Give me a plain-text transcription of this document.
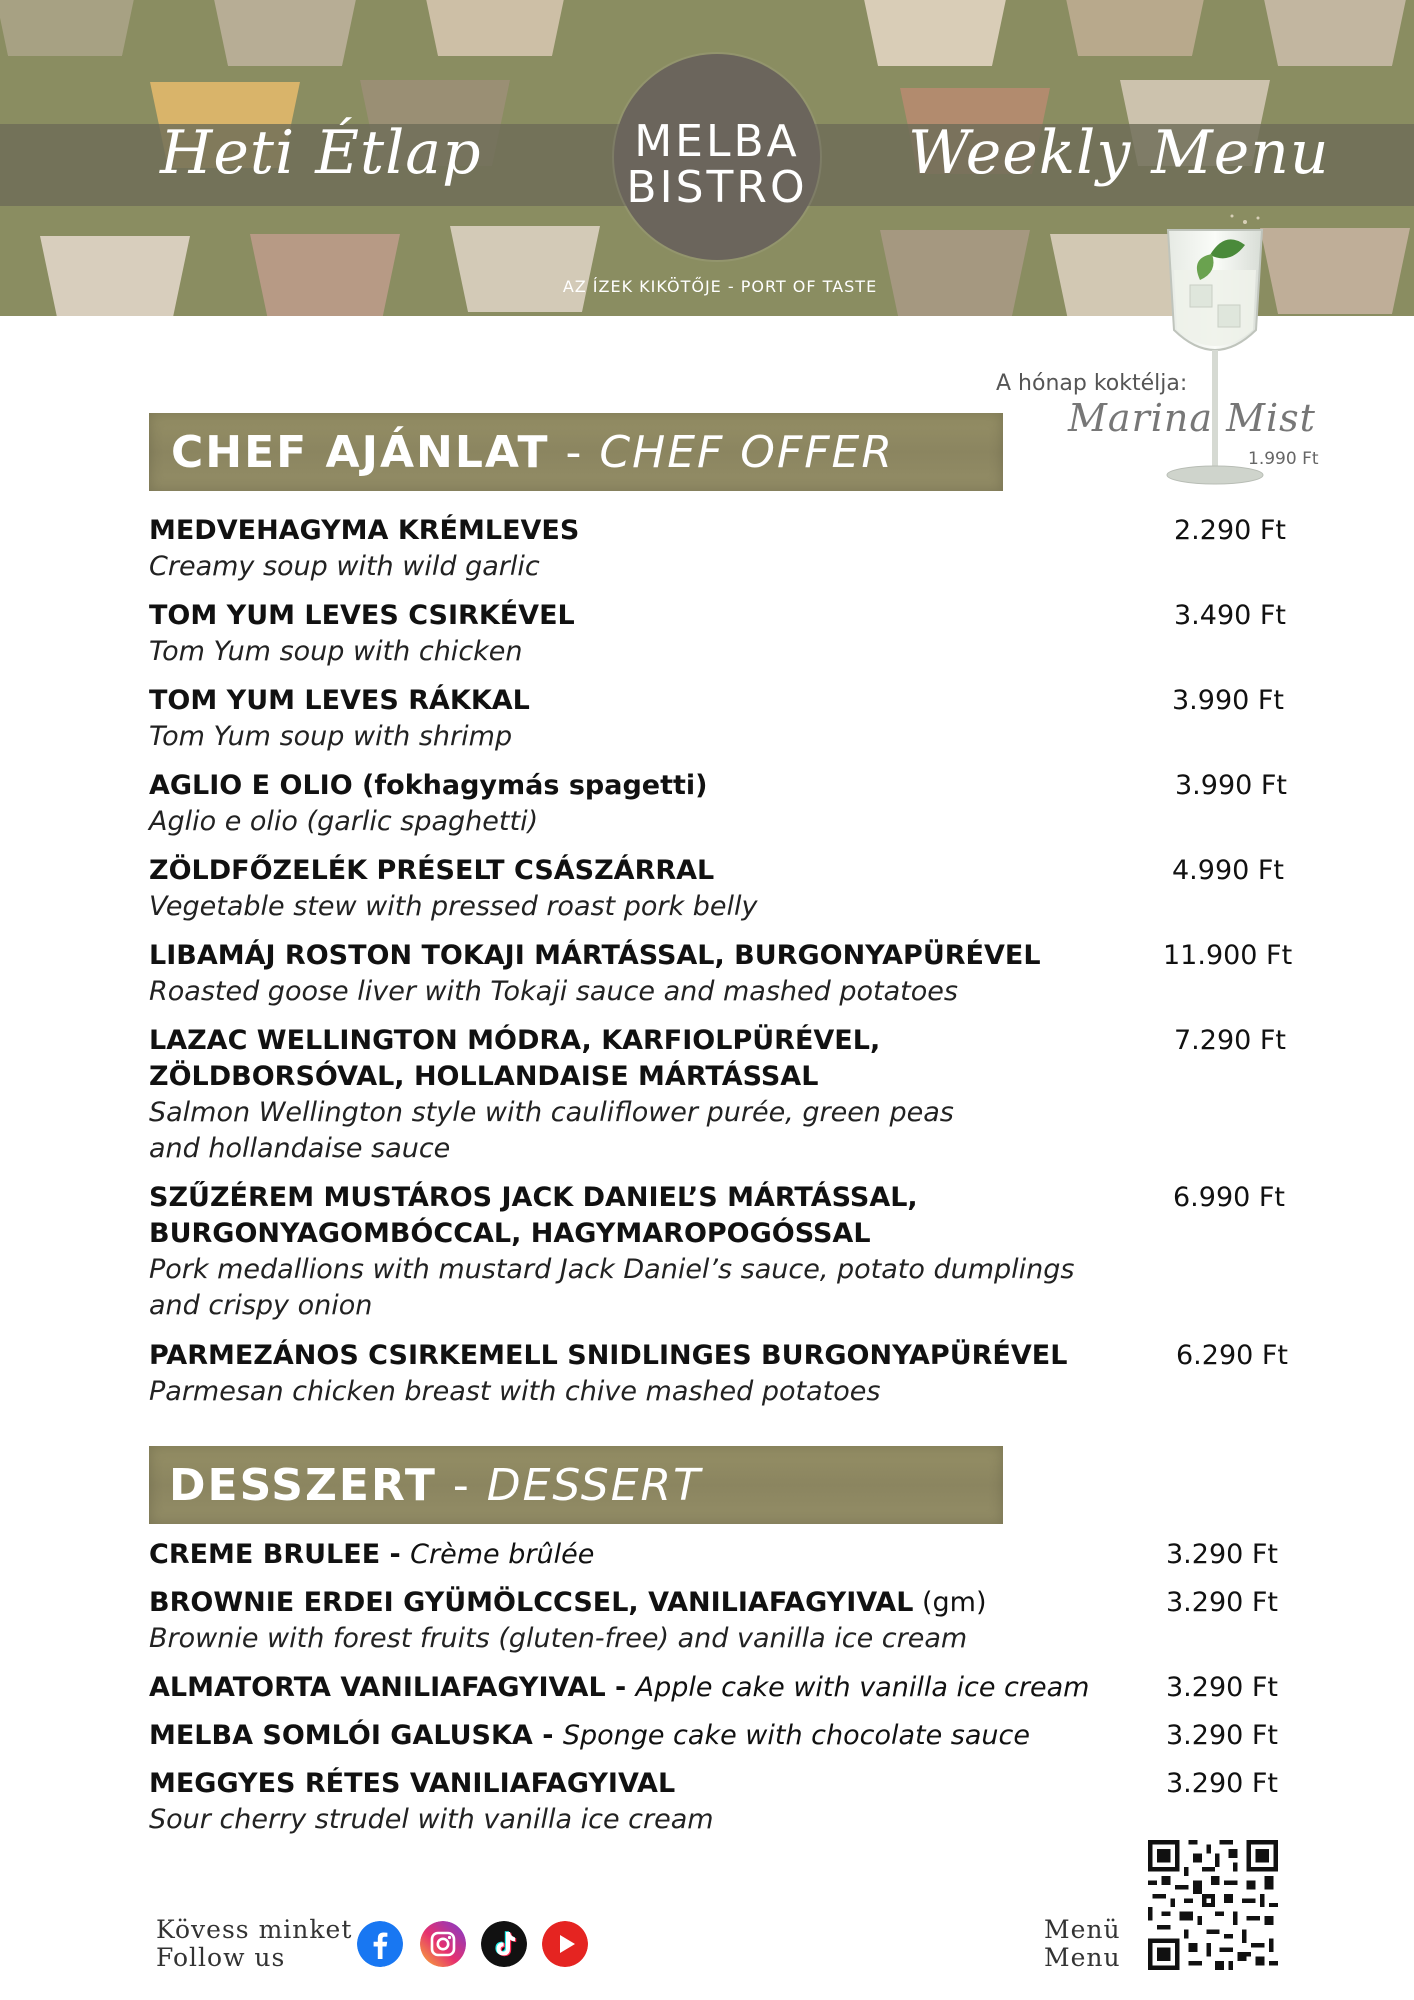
Heti Étlap	Weekly Menu
MELBA
BISTRO
AZ ÍZEK KIKÖTŐJE - PORT OF TASTE
A hónap koktélja:
Marina Mist
1.990 Ft
CHEF AJÁNLAT - CHEF OFFER
MEDVEHAGYMA KRÉMLEVES
Creamy soup with wild garlic
2.290 Ft
TOM YUM LEVES CSIRKÉVEL
Tom Yum soup with chicken
3.490 Ft
TOM YUM LEVES RÁKKAL
Tom Yum soup with shrimp
3.990 Ft
AGLIO E OLIO (fokhagymás spagetti)
Aglio e olio (garlic spaghetti)
3.990 Ft
ZÖLDFŐZELÉK PRÉSELT CSÁSZÁRRAL
Vegetable stew with pressed roast pork belly
4.990 Ft
LIBAMÁJ ROSTON TOKAJI MÁRTÁSSAL, BURGONYAPÜRÉVEL
Roasted goose liver with Tokaji sauce and mashed potatoes
11.900 Ft
LAZAC WELLINGTON MÓDRA, KARFIOLPÜRÉVEL,
ZÖLDBORSÓVAL, HOLLANDAISE MÁRTÁSSAL
Salmon Wellington style with cauliflower purée, green peas
and hollandaise sauce
7.290 Ft
SZŰZÉREM MUSTÁROS JACK DANIEL’S MÁRTÁSSAL,
BURGONYAGOMBÓCCAL, HAGYMAROPOGÓSSAL
Pork medallions with mustard Jack Daniel’s sauce, potato dumplings
and crispy onion
6.990 Ft
PARMEZÁNOS CSIRKEMELL SNIDLINGES BURGONYAPÜRÉVEL
Parmesan chicken breast with chive mashed potatoes
6.290 Ft
DESSZERT - DESSERT
CREME BRULEE - Crème brûlée	3.290 Ft
BROWNIE ERDEI GYÜMÖLCCSEL, VANILIAFAGYIVAL (gm)
Brownie with forest fruits (gluten-free) and vanilla ice cream
3.290 Ft
ALMATORTA VANILIAFAGYIVAL - Apple cake with vanilla ice cream	3.290 Ft
MELBA SOMLÓI GALUSKA - Sponge cake with chocolate sauce	3.290 Ft
MEGGYES RÉTES VANILIAFAGYIVAL
Sour cherry strudel with vanilla ice cream
3.290 Ft
Kövess minket
Follow us
Menü
Menu
